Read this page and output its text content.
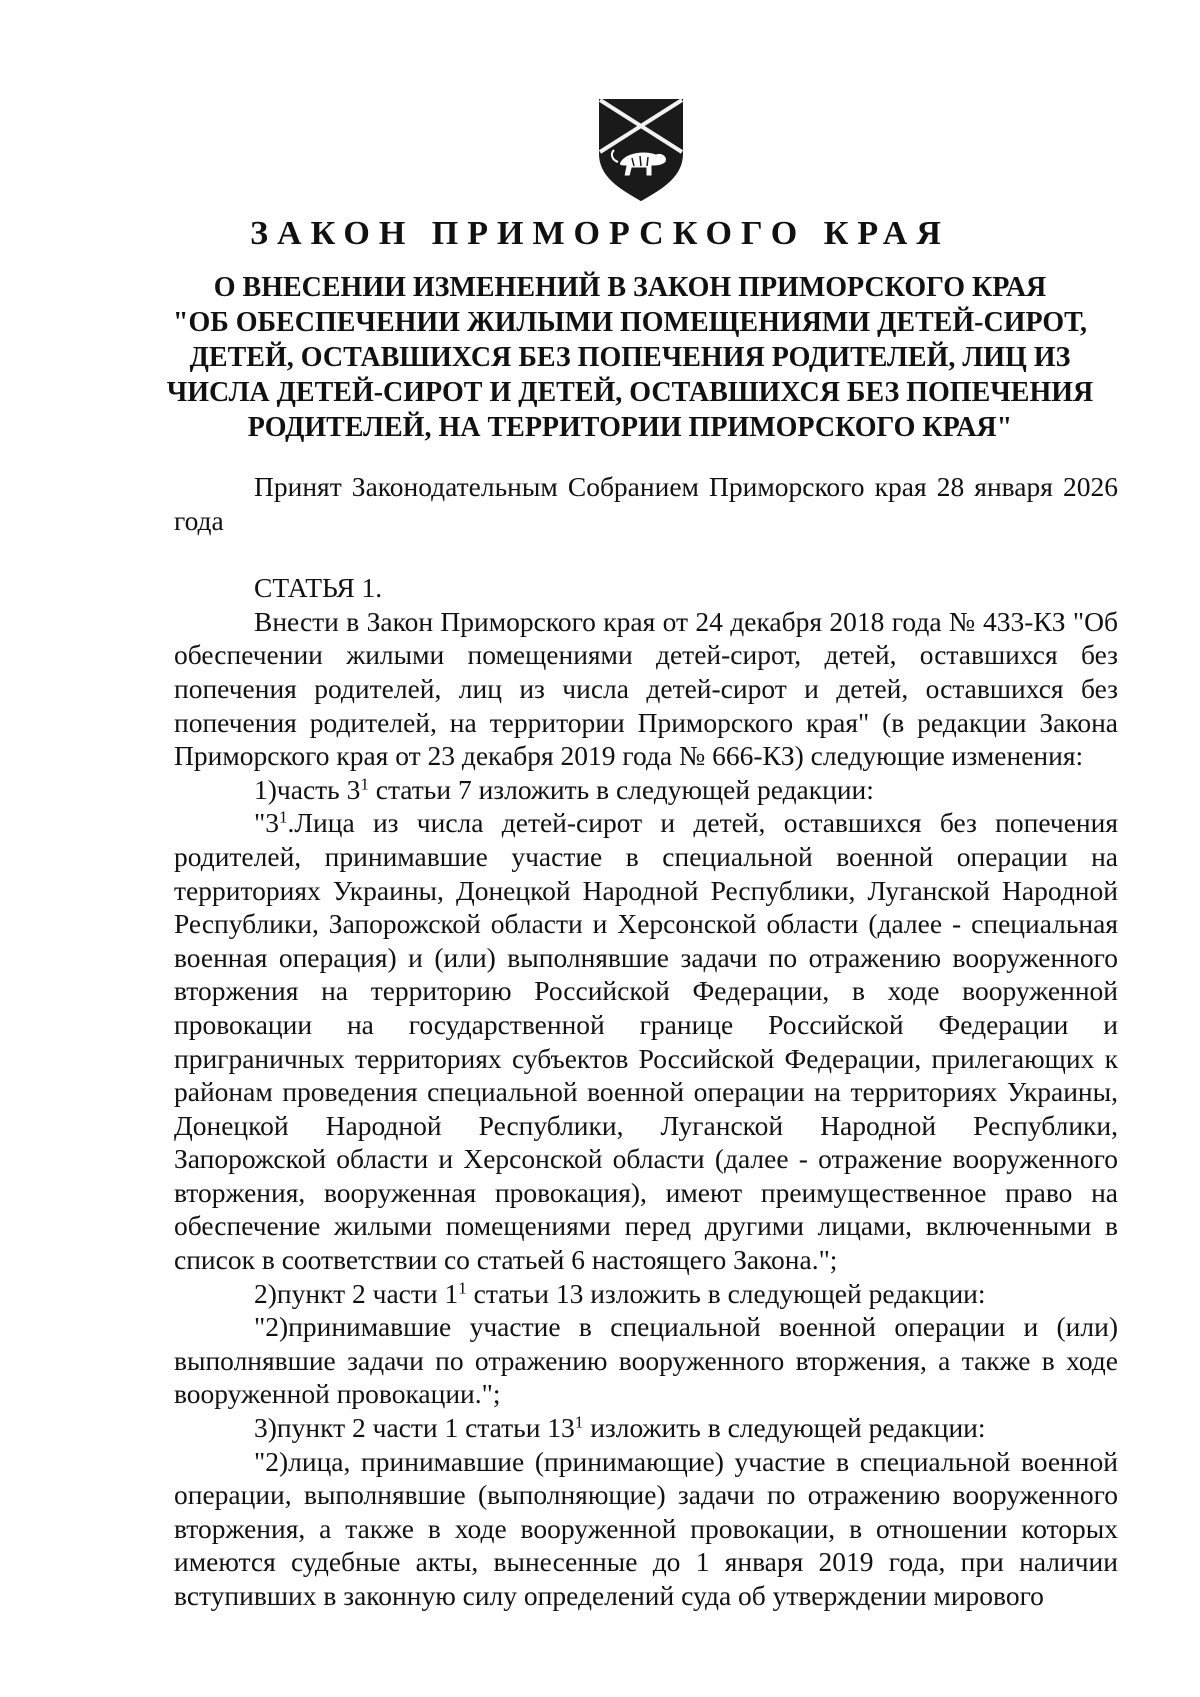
ЗАКОН ПРИМОРСКОГО КРАЯ
О ВНЕСЕНИИ ИЗМЕНЕНИЙ В ЗАКОН ПРИМОРСКОГО КРАЯ
"ОБ ОБЕСПЕЧЕНИИ ЖИЛЫМИ ПОМЕЩЕНИЯМИ ДЕТЕЙ-СИРОТ,
ДЕТЕЙ, ОСТАВШИХСЯ БЕЗ ПОПЕЧЕНИЯ РОДИТЕЛЕЙ, ЛИЦ ИЗ
ЧИСЛА ДЕТЕЙ-СИРОТ И ДЕТЕЙ, ОСТАВШИХСЯ БЕЗ ПОПЕЧЕНИЯ
РОДИТЕЛЕЙ, НА ТЕРРИТОРИИ ПРИМОРСКОГО КРАЯ"

Принят Законодательным Собранием Приморского края 28 января 2026 года

СТАТЬЯ 1.

Внести в Закон Приморского края от 24 декабря 2018 года № 433-КЗ "Об обеспечении жилыми помещениями детей-сирот, детей, оставшихся без попечения родителей, лиц из числа детей-сирот и детей, оставшихся без попечения родителей, на территории Приморского края" (в редакции Закона Приморского края от 23 декабря 2019 года № 666-КЗ) следующие изменения:

1)часть $3^1$ статьи 7 изложить в следующей редакции:

"$3^1.Лица$ из числа детей-сирот и детей, оставшихся без попечения родителей, принимавшие участие в специальной военной операции на территориях Украины, Донецкой Народной Республики, Луганской Народной Республики, Запорожской области и Херсонской области (далее - специальная военная операция) и (или) выполнявшие задачи по отражению вооруженного вторжения на территорию Российской Федерации, в ходе вооруженной провокации на государственной границе Российской Федерации и приграничных территориях субъектов Российской Федерации, прилегающих к районам проведения специальной военной операции на территориях Украины, Донецкой Народной Республики, Луганской Народной Республики, Запорожской области и Херсонской области (далее - отражение вооруженного вторжения, вооруженная провокация), имеют преимущественное право на обеспечение жилыми помещениями перед другими лицами, включенными в список в соответствии со статьей 6 настоящего Закона.";

2)пункт 2 части $1^1$ статьи 13 изложить в следующей редакции:

"2)принимавшие участие в специальной военной операции и (или) выполнявшие задачи по отражению вооруженного вторжения, а также в ходе вооруженной провокации.";

3)пункт 2 части 1 статьи $13^1$ изложить в следующей редакции:

"2)лица, принимавшие (принимающие) участие в специальной военной операции, выполнявшие (выполняющие) задачи по отражению вооруженного вторжения, а также в ходе вооруженной провокации, в отношении которых имеются судебные акты, вынесенные до 1 января 2019 года, при наличии вступивших в законную силу определений суда об утверждении мирового
